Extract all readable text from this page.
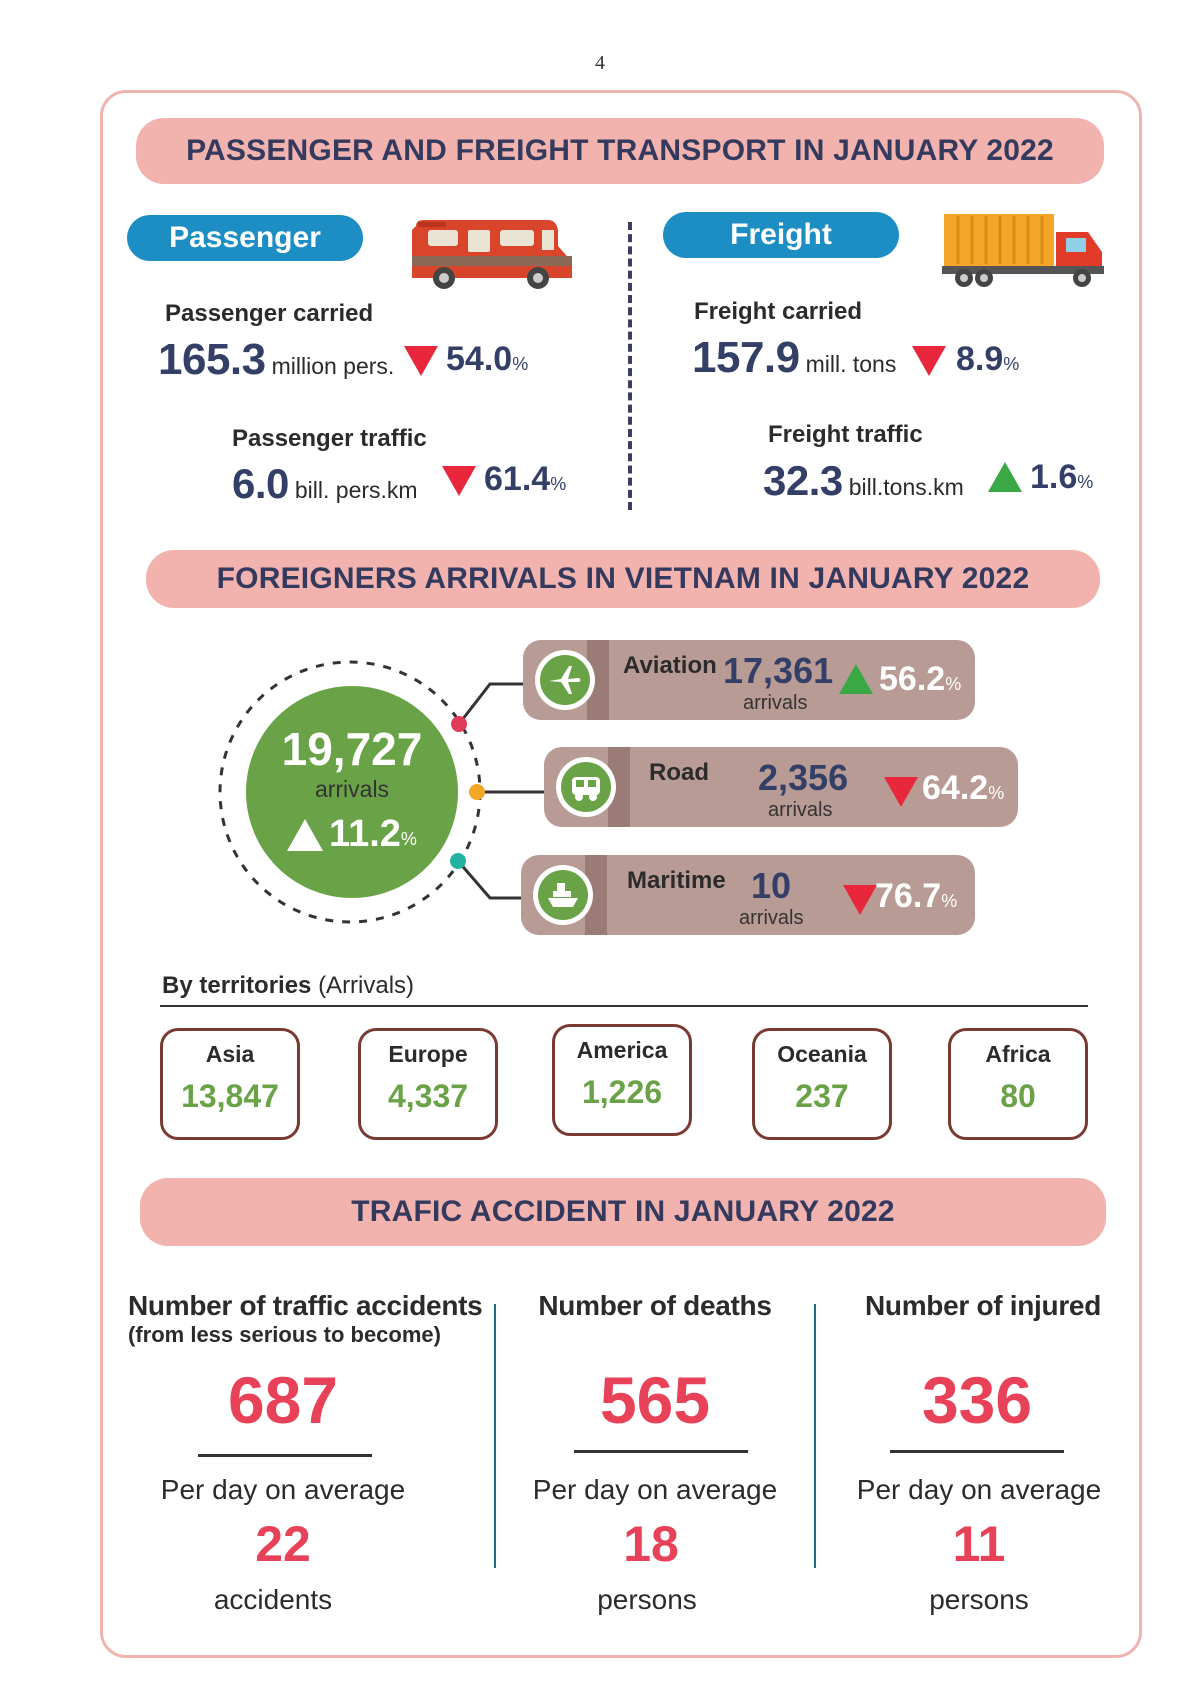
4
PASSENGER AND FREIGHT TRANSPORT IN JANUARY 2022
Passenger
Passenger carried
165.3 million pers. 54.0%
Passenger traffic
6.0 bill. pers.km 61.4%
Freight
Freight carried
157.9 mill. tons 8.9%
Freight traffic
32.3 bill.tons.km 1.6%
FOREIGNERS ARRIVALS IN VIETNAM IN JANUARY 2022
19,727
arrivals
11.2 %
Aviation 17,361
arrivals
56.2%
Road 2,356
arrivals
64.2%
Maritime 10
arrivals
76.7%
By territories (Arrivals)
Asia
13,847
Europe
4,337
America
1,226
Oceania
237
Africa
80
TRAFIC ACCIDENT IN JANUARY 2022
Number of traffic accidents
(from less serious to become)
687
Per day on average
22
accidents
Number of deaths
565
Per day on average
18
persons
Number of injured
336
Per day on average
11
persons
